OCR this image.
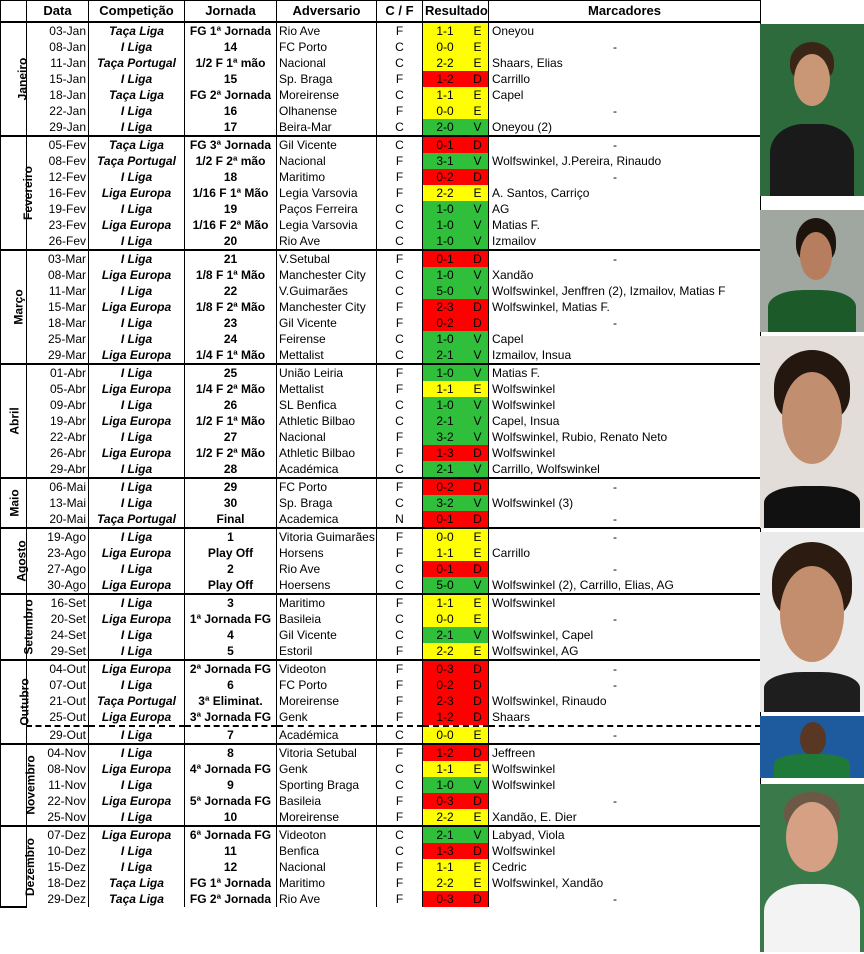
	Data	Competição	Jornada	Adversario	C / F	Resultado	Marcadores
Janeiro	03-Jan	Taça Liga	FG 1ª Jornada	Rio Ave	F	1-1 E	Oneyou

	08-Jan	I Liga	14	FC Porto	C	0-0 E	-

	11-Jan	Taça Portugal	1/2 F 1ª mão	Nacional	C	2-2 E	Shaars, Elias

	15-Jan	I Liga	15	Sp. Braga	F	1-2 D	Carrillo

	18-Jan	Taça Liga	FG 2ª Jornada	Moreirense	C	1-1 E	Capel

	22-Jan	I Liga	16	Olhanense	F	0-0 E	-

	29-Jan	I Liga	17	Beira-Mar	C	2-0 V	Oneyou (2)

Fevereiro	05-Fev	Taça Liga	FG 3ª Jornada	Gil Vicente	C	0-1 D	-

	08-Fev	Taça Portugal	1/2 F 2ª mão	Nacional	F	3-1 V	Wolfswinkel, J.Pereira, Rinaudo

	12-Fev	I Liga	18	Maritimo	F	0-2 D	-

	16-Fev	Liga Europa	1/16 F 1ª Mão	Legia Varsovia	F	2-2 E	A. Santos, Carriço

	19-Fev	I Liga	19	Paços Ferreira	C	1-0 V	AG

	23-Fev	Liga Europa	1/16 F 2ª Mão	Legia Varsovia	C	1-0 V	Matias F.

	26-Fev	I Liga	20	Rio Ave	C	1-0 V	Izmailov

Março	03-Mar	I Liga	21	V.Setubal	F	0-1 D	-

	08-Mar	Liga Europa	1/8 F 1ª Mão	Manchester City	C	1-0 V	Xandão

	11-Mar	I Liga	22	V.Guimarães	C	5-0 V	Wolfswinkel, Jenffren (2), Izmailov, Matias F

	15-Mar	Liga Europa	1/8 F 2ª Mão	Manchester City	F	2-3 D	Wolfswinkel, Matias F.

	18-Mar	I Liga	23	Gil Vicente	F	0-2 D	-

	25-Mar	I Liga	24	Feirense	C	1-0 V	Capel

	29-Mar	Liga Europa	1/4 F 1ª Mão	Mettalist	C	2-1 V	Izmailov, Insua

Abril	01-Abr	I Liga	25	União Leiria	F	1-0 V	Matias F.

	05-Abr	Liga Europa	1/4 F 2ª Mão	Mettalist	F	1-1 E	Wolfswinkel

	09-Abr	I Liga	26	SL Benfica	C	1-0 V	Wolfswinkel

	19-Abr	Liga Europa	1/2 F 1ª Mão	Athletic Bilbao	C	2-1 V	Capel, Insua

	22-Abr	I Liga	27	Nacional	F	3-2 V	Wolfswinkel, Rubio, Renato Neto

	26-Abr	Liga Europa	1/2 F 2ª Mão	Athletic Bilbao	F	1-3 D	Wolfswinkel

	29-Abr	I Liga	28	Académica	C	2-1 V	Carrillo, Wolfswinkel

Maio	06-Mai	I Liga	29	FC Porto	F	0-2 D	-

	13-Mai	I Liga	30	Sp. Braga	C	3-2 V	Wolfswinkel (3)

	20-Mai	Taça Portugal	Final	Academica	N	0-1 D	-

Agosto	19-Ago	I Liga	1	Vitoria Guimarães	F	0-0 E	-

	23-Ago	Liga Europa	Play Off	Horsens	F	1-1 E	Carrillo

	27-Ago	I Liga	2	Rio Ave	C	0-1 D	-

	30-Ago	Liga Europa	Play Off	Hoersens	C	5-0 V	Wolfswinkel (2), Carrillo, Elias, AG

Setembro	16-Set	I Liga	3	Maritimo	F	1-1 E	Wolfswinkel

	20-Set	Liga Europa	1ª Jornada FG	Basileia	C	0-0 E	-

	24-Set	I Liga	4	Gil Vicente	C	2-1 V	Wolfswinkel, Capel

	29-Set	I Liga	5	Estoril	F	2-2 E	Wolfswinkel, AG

Outubro	04-Out	Liga Europa	2ª Jornada FG	Videoton	F	0-3 D	-

	07-Out	I Liga	6	FC Porto	F	0-2 D	-

	21-Out	Taça Portugal	3ª Eliminat.	Moreirense	F	2-3 D	Wolfswinkel, Rinaudo

	25-Out	Liga Europa	3ª Jornada FG	Genk	F	1-2 D	Shaars

	29-Out	I Liga	7	Académica	C	0-0 E	-

Novembro	04-Nov	I Liga	8	Vitoria Setubal	F	1-2 D	Jeffreen

	08-Nov	Liga Europa	4ª Jornada FG	Genk	C	1-1 E	Wolfswinkel

	11-Nov	I Liga	9	Sporting Braga	C	1-0 V	Wolfswinkel

	22-Nov	Liga Europa	5ª Jornada FG	Basileia	F	0-3 D	-

	25-Nov	I Liga	10	Moreirense	F	2-2 E	Xandão, E. Dier

Dezembro	07-Dez	Liga Europa	6ª Jornada FG	Videoton	C	2-1 V	Labyad, Viola

	10-Dez	I Liga	11	Benfica	C	1-3 D	Wolfswinkel

	15-Dez	I Liga	12	Nacional	F	1-1 E	Cedric

	18-Dez	Taça Liga	FG 1ª Jornada	Maritimo	F	2-2 E	Wolfswinkel, Xandão

	29-Dez	Taça Liga	FG 2ª Jornada	Rio Ave	F	0-3 D	-
